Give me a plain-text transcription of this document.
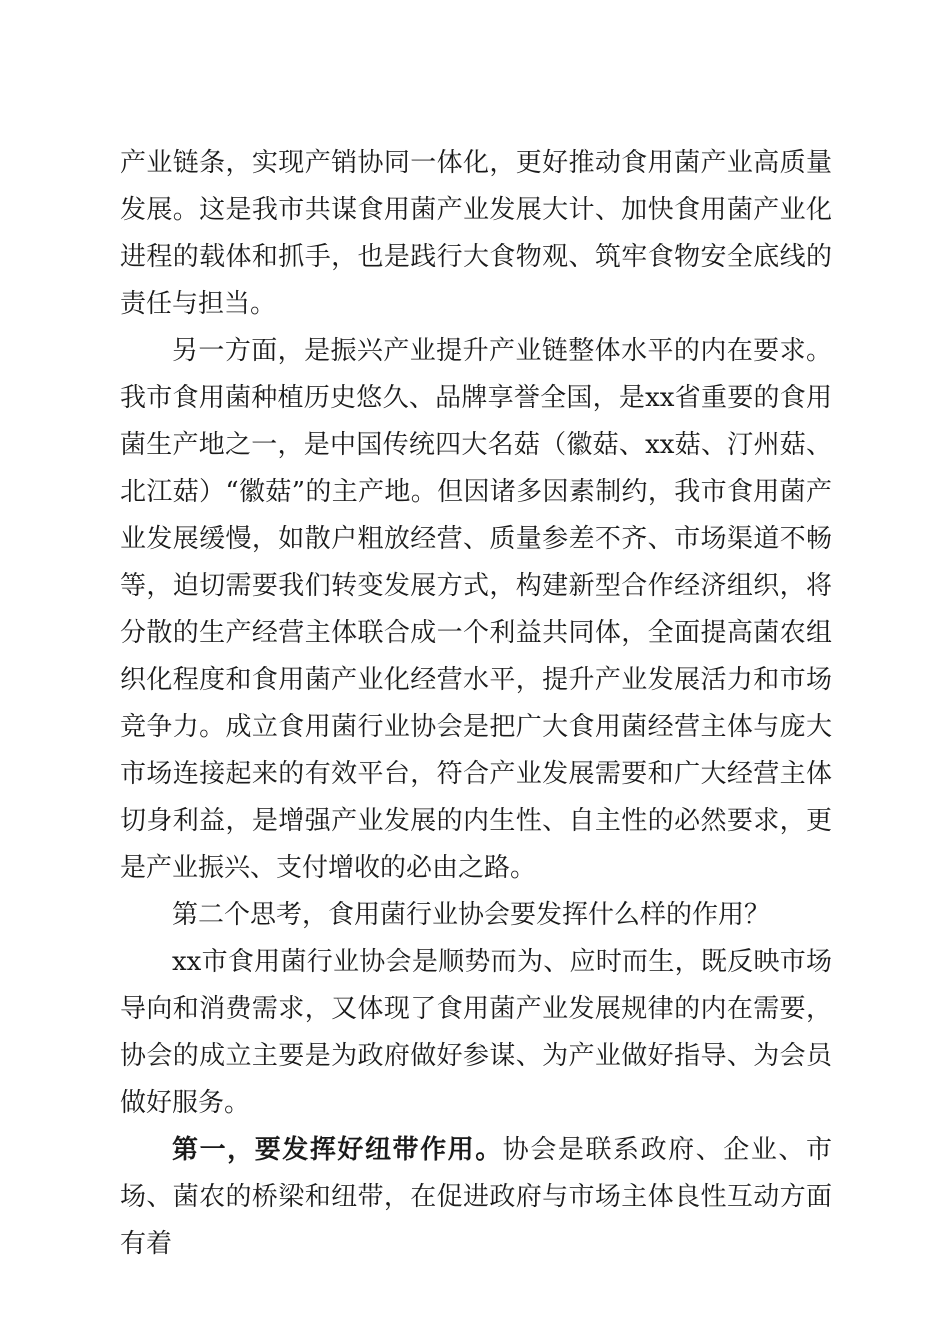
产业链条，实现产销协同一体化，更好推动食用菌产业高质量发展。这是我市共谋食用菌产业发展大计、加快食用菌产业化进程的载体和抓手，也是践行大食物观、筑牢食物安全底线的责任与担当。

另一方面，是振兴产业提升产业链整体水平的内在要求。我市食用菌种植历史悠久、品牌享誉全国，是xx省重要的食用菌生产地之一，是中国传统四大名菇（徽菇、xx菇、汀州菇、北江菇）“徽菇”的主产地。但因诸多因素制约，我市食用菌产业发展缓慢，如散户粗放经营、质量参差不齐、市场渠道不畅等，迫切需要我们转变发展方式，构建新型合作经济组织，将分散的生产经营主体联合成一个利益共同体，全面提高菌农组织化程度和食用菌产业化经营水平，提升产业发展活力和市场竞争力。成立食用菌行业协会是把广大食用菌经营主体与庞大市场连接起来的有效平台，符合产业发展需要和广大经营主体切身利益，是增强产业发展的内生性、自主性的必然要求，更是产业振兴、支付增收的必由之路。

第二个思考，食用菌行业协会要发挥什么样的作用？

xx市食用菌行业协会是顺势而为、应时而生，既反映市场导向和消费需求，又体现了食用菌产业发展规律的内在需要，协会的成立主要是为政府做好参谋、为产业做好指导、为会员做好服务。

第一，要发挥好纽带作用。协会是联系政府、企业、市场、菌农的桥梁和纽带，在促进政府与市场主体良性互动方面有着
